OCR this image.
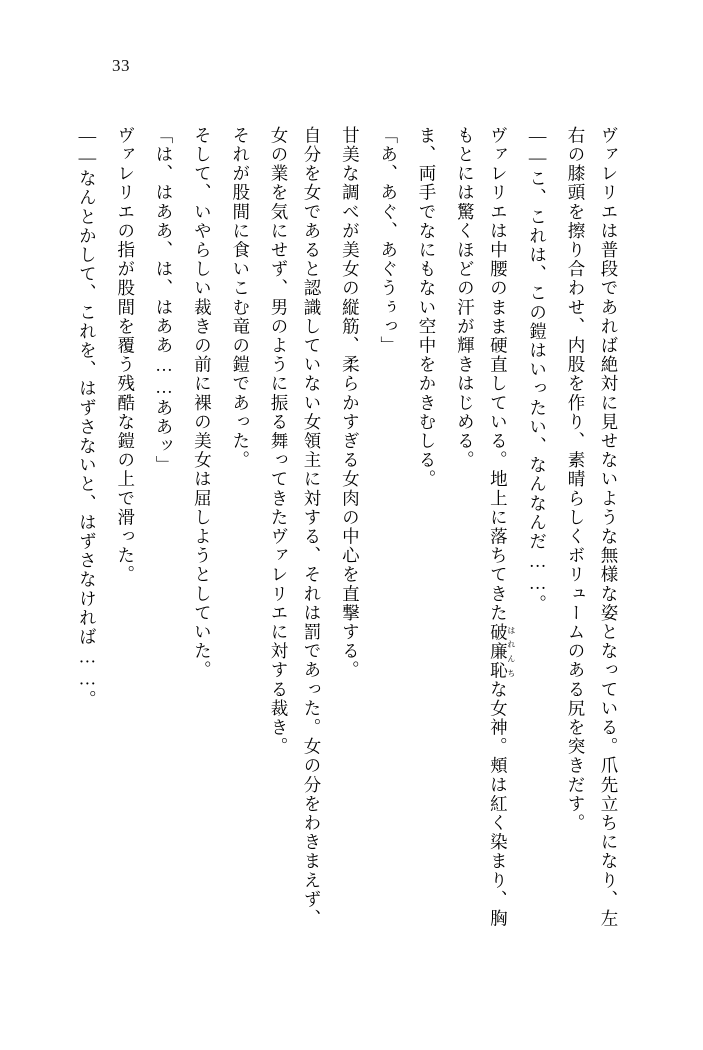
33
ヴァレリエは普段であれば絶対に見せないような無様な姿となっている。爪先立ちになり、左右の膝頭を擦り合わせ、内股を作り、素晴らしくボリュームのある尻を突きだす。
——こ、これは、この鎧はいったい、なんなんだ……。
ヴァレリエは中腰のまま硬直している。地上に落ちてきた破廉恥はれんちな女神。頬は紅く染まり、胸もとには驚くほどの汗が輝きはじめる。
ま、両手でなにもない空中をかきむしる。
「あ、あぐ、あぐうぅっ」
甘美な調べが美女の縦筋、柔らかすぎる女肉の中心を直撃する。
自分を女であると認識していない女領主に対する、それは罰であった。女の分をわきまえず、女の業を気にせず、男のように振る舞ってきたヴァレリエに対する裁き。
それが股間に食いこむ竜の鎧であった。
そして、いやらしい裁きの前に裸の美女は屈しようとしていた。
「は、はああ、は、はああ……ああッ」
ヴァレリエの指が股間を覆う残酷な鎧の上で滑った。
——なんとかして、これを、はずさないと、はずさなければ……。
